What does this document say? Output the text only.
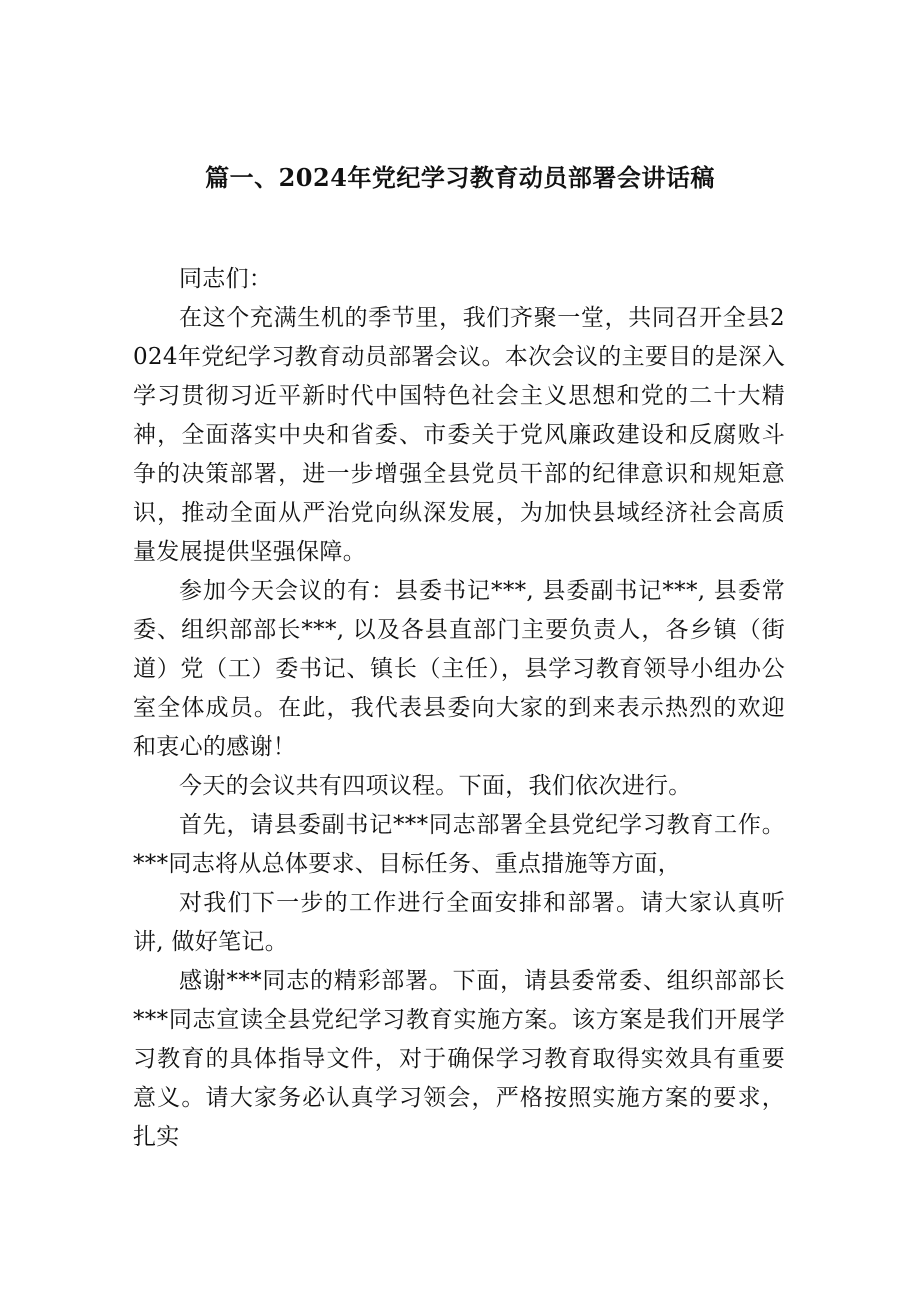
篇一、2024年党纪学习教育动员部署会讲话稿

同志们：

在这个充满生机的季节里，我们齐聚一堂，共同召开全县2024年党纪学习教育动员部署会议。本次会议的主要目的是深入学习贯彻习近平新时代中国特色社会主义思想和党的二十大精神，全面落实中央和省委、市委关于党风廉政建设和反腐败斗争的决策部署，进一步增强全县党员干部的纪律意识和规矩意识，推动全面从严治党向纵深发展，为加快县域经济社会高质量发展提供坚强保障。

参加今天会议的有：县委书记***, 县委副书记***, 县委常委、组织部部长***, 以及各县直部门主要负责人，各乡镇（街道）党（工）委书记、镇长（主任），县学习教育领导小组办公室全体成员。在此，我代表县委向大家的到来表示热烈的欢迎和衷心的感谢！

今天的会议共有四项议程。下面，我们依次进行。

首先，请县委副书记***同志部署全县党纪学习教育工作。***同志将从总体要求、目标任务、重点措施等方面，

对我们下一步的工作进行全面安排和部署。请大家认真听讲, 做好笔记。

感谢***同志的精彩部署。下面，请县委常委、组织部部长***同志宣读全县党纪学习教育实施方案。该方案是我们开展学习教育的具体指导文件，对于确保学习教育取得实效具有重要意义。请大家务必认真学习领会，严格按照实施方案的要求，扎实
